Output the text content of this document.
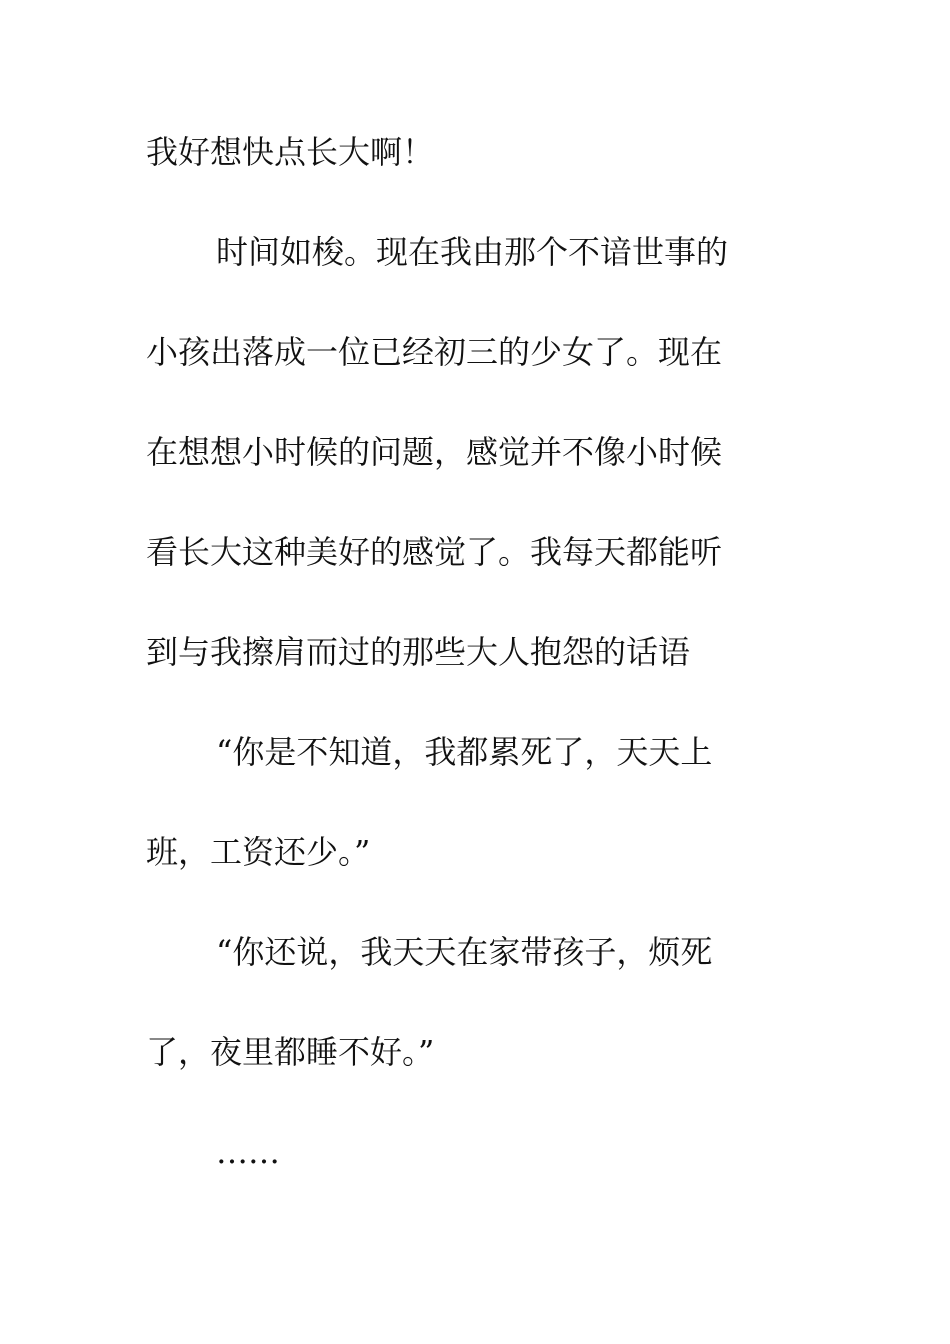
我好想快点长大啊！
时间如梭。现在我由那个不谙世事的
小孩出落成一位已经初三的少女了。现在
在想想小时候的问题，感觉并不像小时候
看长大这种美好的感觉了。我每天都能听
到与我擦肩而过的那些大人抱怨的话语
“你是不知道，我都累死了，天天上
班，工资还少。”
“你还说，我天天在家带孩子，烦死
了，夜里都睡不好。”
……
